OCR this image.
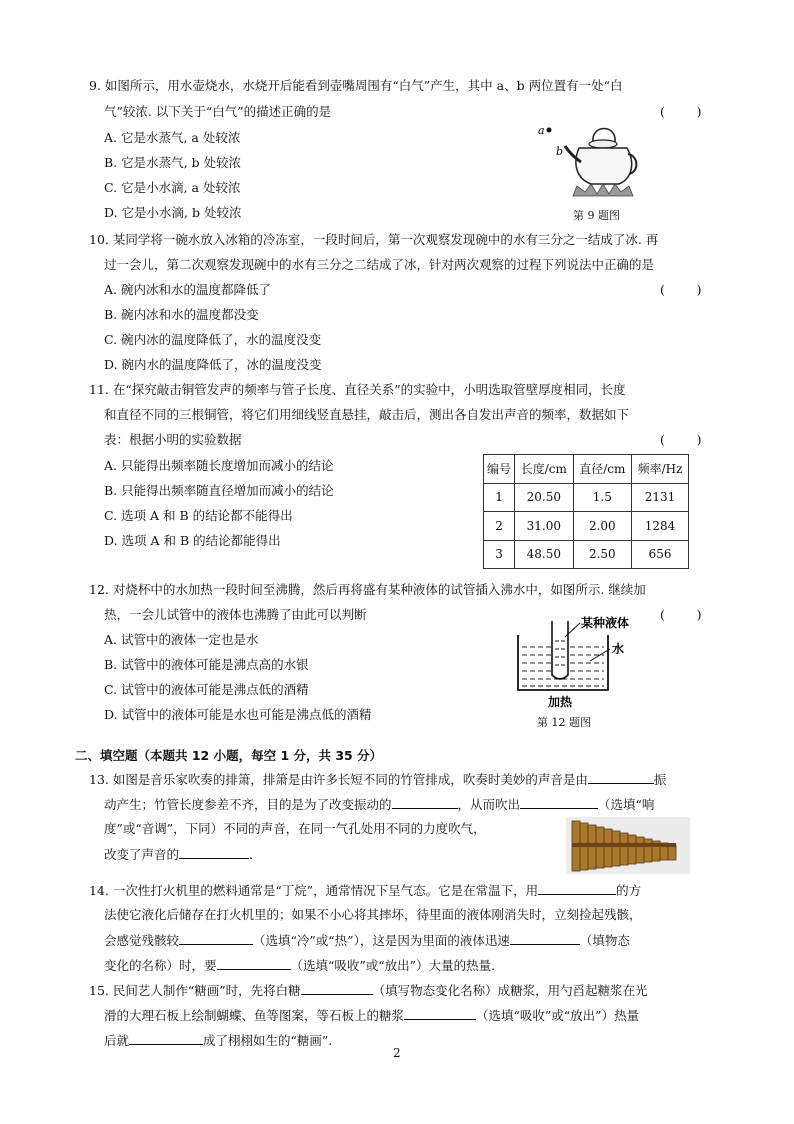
9. 如图所示，用水壶烧水，水烧开后能看到壶嘴周围有“白气”产生，其中 a、b 两位置有一处“白
气”较浓. 以下关于“白气”的描述正确的是	(        )
A. 它是水蒸气, a 处较浓
B. 它是水蒸气, b 处较浓
C. 它是小水滴, a 处较浓
D. 它是小水滴, b 处较浓
a
b
第 9 题图
10. 某同学将一碗水放入冰箱的冷冻室，一段时间后，第一次观察发现碗中的水有三分之一结成了冰. 再
过一会儿，第二次观察发现碗中的水有三分之二结成了冰，针对两次观察的过程下列说法中正确的是
A. 碗内冰和水的温度都降低了	(        )
B. 碗内冰和水的温度都没变
C. 碗内冰的温度降低了，水的温度没变
D. 碗内水的温度降低了，冰的温度没变
11. 在“探究敲击铜管发声的频率与管子长度、直径关系”的实验中，小明选取管壁厚度相同，长度
和直径不同的三根铜管，将它们用细线竖直悬挂，敲击后，测出各自发出声音的频率，数据如下
表：根据小明的实验数据	(        )
A. 只能得出频率随长度增加而减小的结论
B. 只能得出频率随直径增加而减小的结论
C. 选项 A 和 B 的结论都不能得出
D. 选项 A 和 B 的结论都能得出
编号	长度/cm	直径/cm	频率/Hz
1	20.50	1.5	2131
2	31.00	2.00	1284
3	48.50	2.50	656
12. 对烧杯中的水加热一段时间至沸腾，然后再将盛有某种液体的试管插入沸水中，如图所示. 继续加
热，一会儿试管中的液体也沸腾了由此可以判断	(        )
A. 试管中的液体一定也是水
B. 试管中的液体可能是沸点高的水银
C. 试管中的液体可能是沸点低的酒精
D. 试管中的液体可能是水也可能是沸点低的酒精
某种液体
水
加热
第 12 题图
二、填空题（本题共 12 小题，每空 1 分，共 35 分）
13. 如图是音乐家吹奏的排箫，排箫是由许多长短不同的竹管排成，吹奏时美妙的声音是由	振
动产生；竹管长度参差不齐，目的是为了改变振动的	，从而吹出	（选填“响
度”或“音调”，下同）不同的声音，在同一气孔处用不同的力度吹气，
改变了声音的	.
14. 一次性打火机里的燃料通常是“丁烷”，通常情况下呈气态。它是在常温下，用	的方
法使它液化后储存在打火机里的；如果不小心将其摔坏，待里面的液体刚消失时，立刻捡起残骸，
会感觉残骸较	（选填“冷”或“热”），这是因为里面的液体迅速	（填物态
变化的名称）时，要	（选填“吸收”或“放出”）大量的热量.
15. 民间艺人制作“糖画”时，先将白糖	（填写物态变化名称）成糖浆，用勺舀起糖浆在光
滑的大理石板上绘制蝴蝶、鱼等图案，等石板上的糖浆	（选填“吸收”或“放出”）热量
后就	成了栩栩如生的“糖画”.
2
